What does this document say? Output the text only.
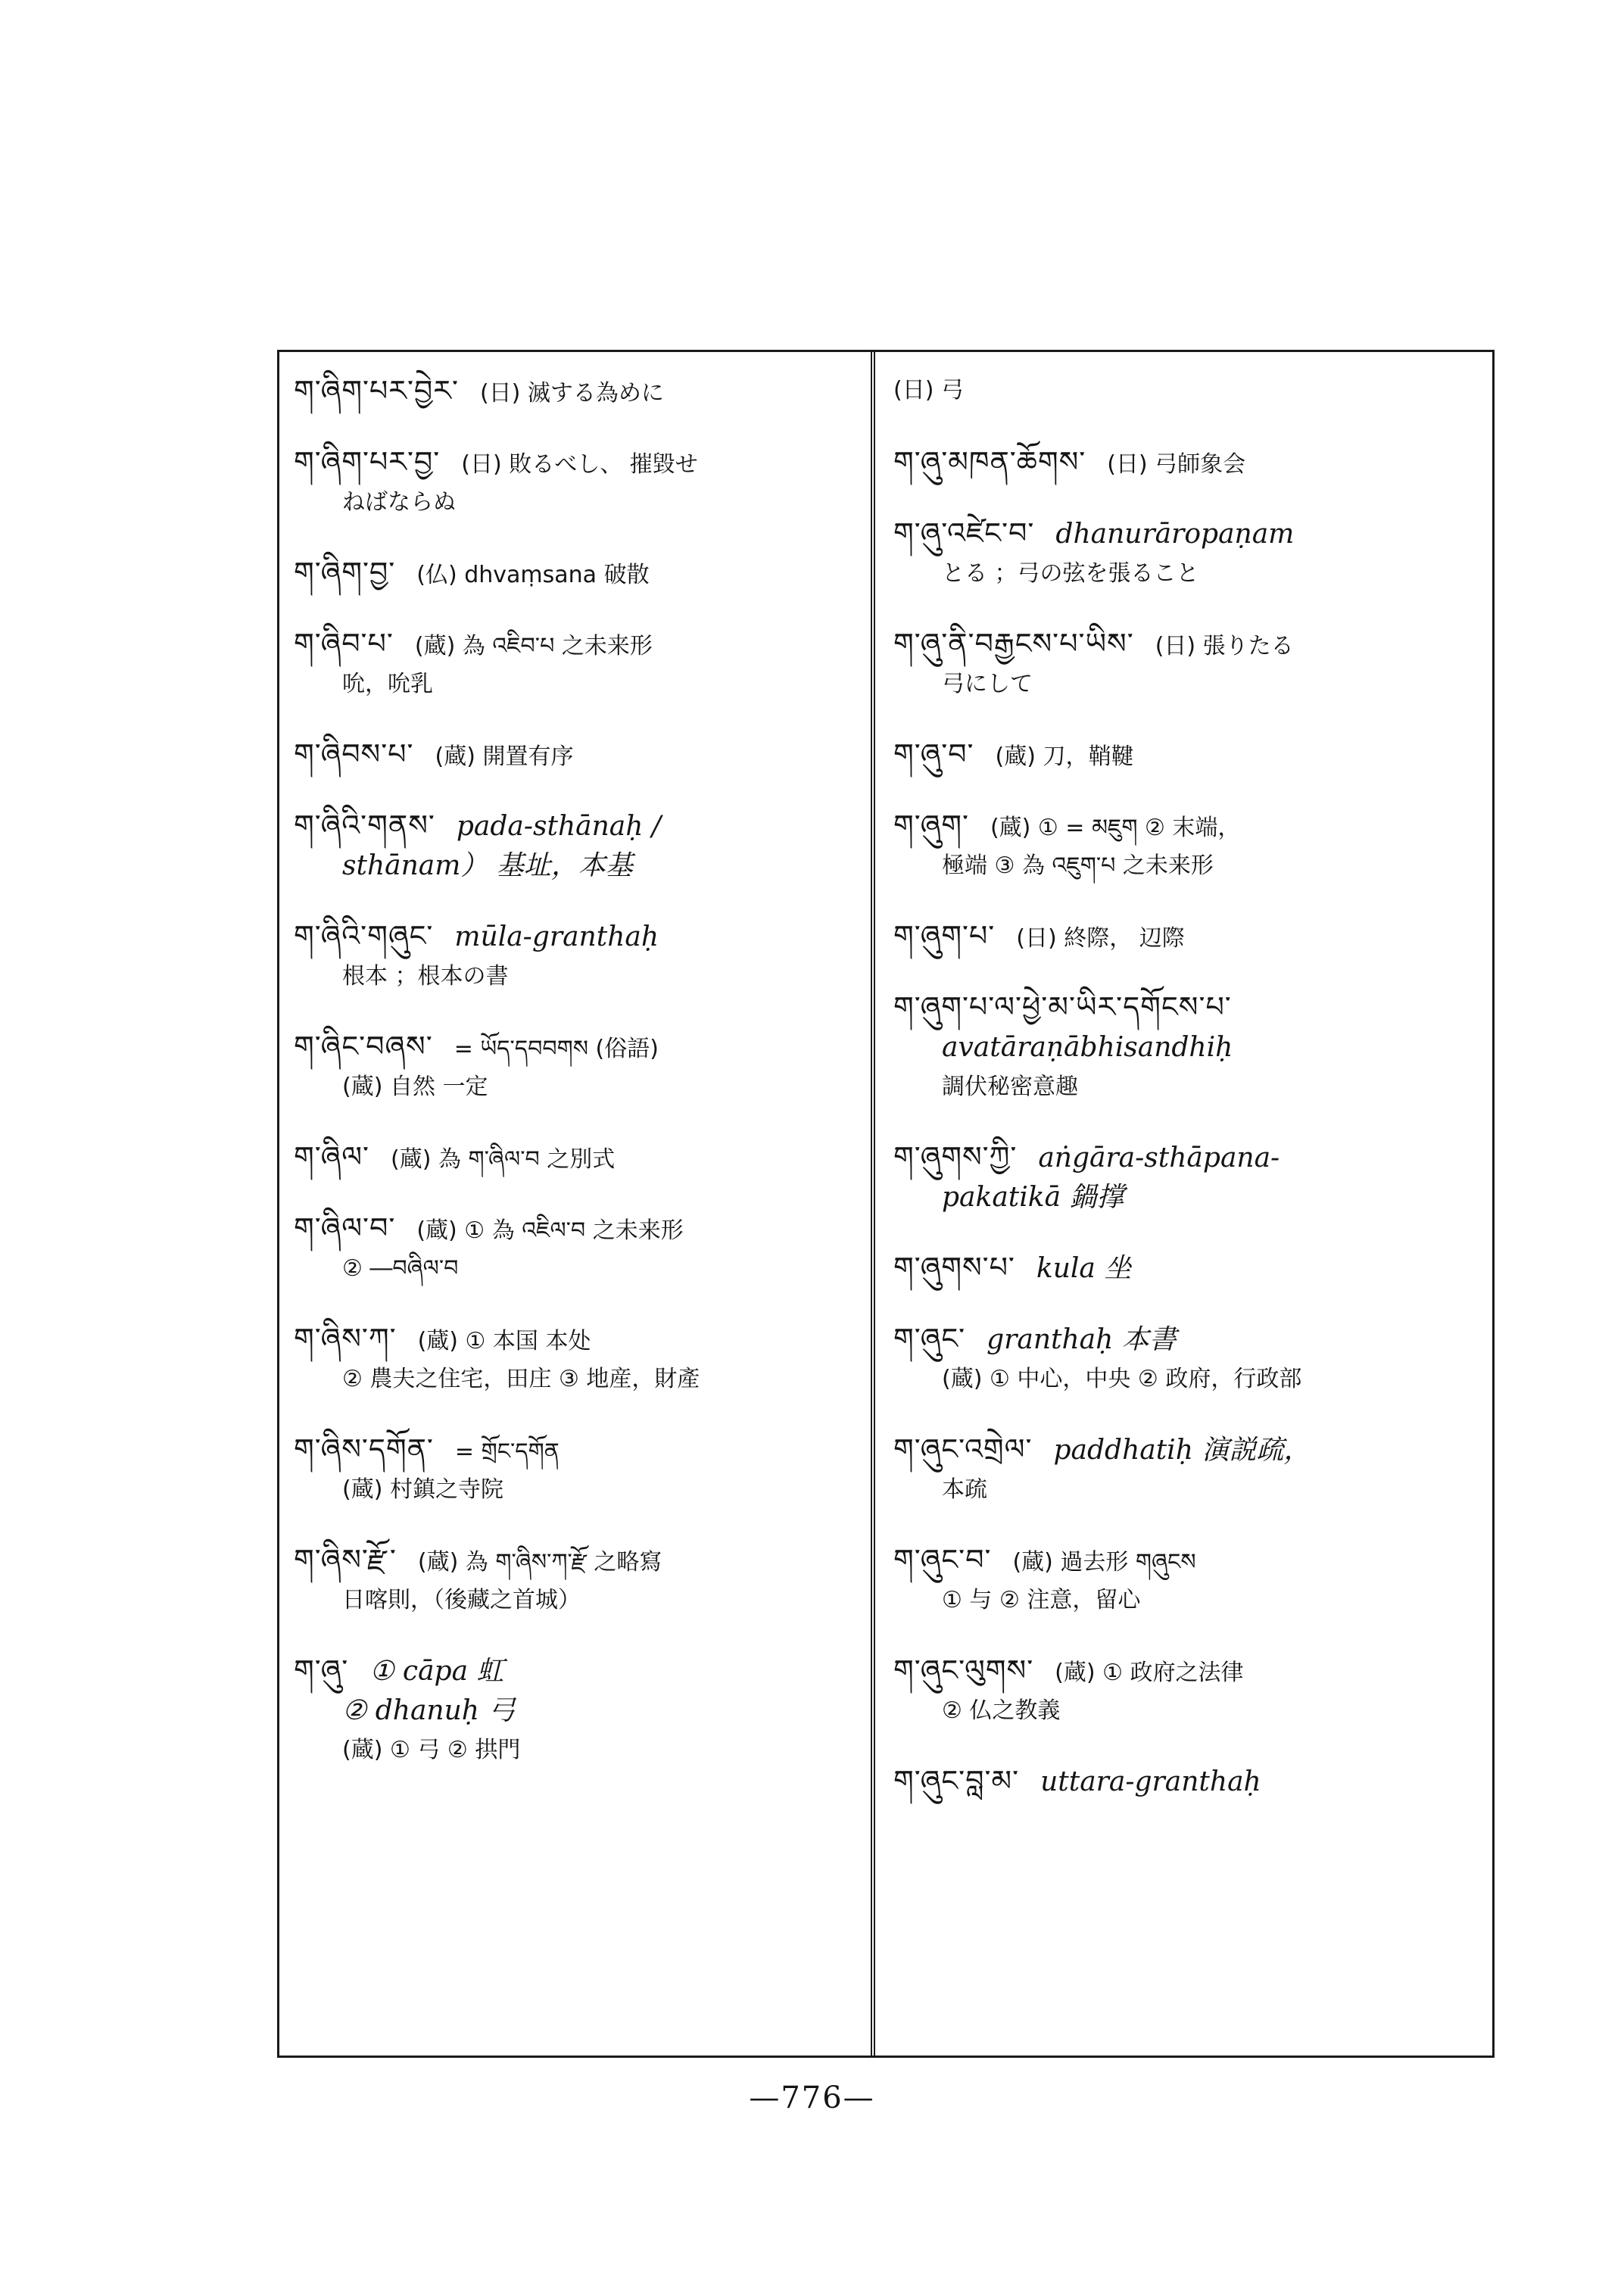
ག་ཞིག་པར་བྱེར་ (日) 滅する為めに
ག་ཞིག་པར་བྱ་ (日) 敗るべし、 摧毀せ
ねばならぬ
ག་ཞིག་བྱ་ (仏) dhvaṃsana 破散
ག་ཞིབ་པ་ (蔵) 為 འཇིབ་པ 之未来形
吮，吮乳
ག་ཞིབས་པ་ (蔵) 開置有序
ག་ཞིའི་གནས་ pada-sthānaḥ /
sthānam） 基址，本基
ག་ཞིའི་གཞུང་ mūla-granthaḥ
根本 ；根本の書
ག་ཞིང་བཞས་ = ཡོད་དབབགས (俗語)
(蔵) 自然 一定
ག་ཞིལ་ (蔵) 為 ག་ཞིལ་བ 之別式
ག་ཞིལ་བ་ (蔵) ① 為 འཇིལ་བ 之未来形
② ―བཞིལ་བ
ག་ཞིས་ཀ་ (蔵) ① 本国 本处
② 農夫之住宅，田庄 ③ 地産，財產
ག་ཞིས་དགོན་ = གྲོང་དགོན
(蔵) 村鎮之寺院
ག་ཞིས་རྫོ་ (蔵) 為 ག་ཞིས་ཀ་རྫོ 之略寫
日喀則，（後藏之首城）
ག་ཞུ་ ① cāpa 虹
② dhanuḥ 弓
(蔵) ① 弓 ② 拱門
(日) 弓
ག་ཞུ་མཁན་ཆོགས་ (日) 弓師象会
ག་ཞུ་འཛེང་བ་ dhanurāropaṇam
とる ；弓の弦を張ること
ག་ཞུ་ནི་བརྒྱངས་པ་ཡིས་ (日) 張りたる
弓にして
ག་ཞུ་བ་ (蔵) 刀，鞘鞬
ག་ཞུག་ (蔵) ① = མཇུག ② 末端，
極端 ③ 為 འཇུག་པ 之未来形
ག་ཞུག་པ་ (日) 終際， 辺際
ག་ཞུག་པ་ལ་ཕྱེ་མ་ཡིར་དགོངས་པ་
avatāraṇābhisandhiḥ
調伏秘密意趣
ག་ཞུགས་ཀྱི་ aṅgāra-sthāpana-
pakatikā 鍋撑
ག་ཞུགས་པ་ kula 坐
ག་ཞུང་ granthaḥ 本書
(蔵) ① 中心，中央 ② 政府，行政部
ག་ཞུང་འགྲེལ་ paddhatiḥ 演説疏，
本疏
ག་ཞུང་བ་ (蔵) 過去形 གཞུངས
① 与 ② 注意，留心
ག་ཞུང་ལུགས་ (蔵) ① 政府之法律
② 仏之教義
ག་ཞུང་བླ་མ་ uttara-granthaḥ
—776—
